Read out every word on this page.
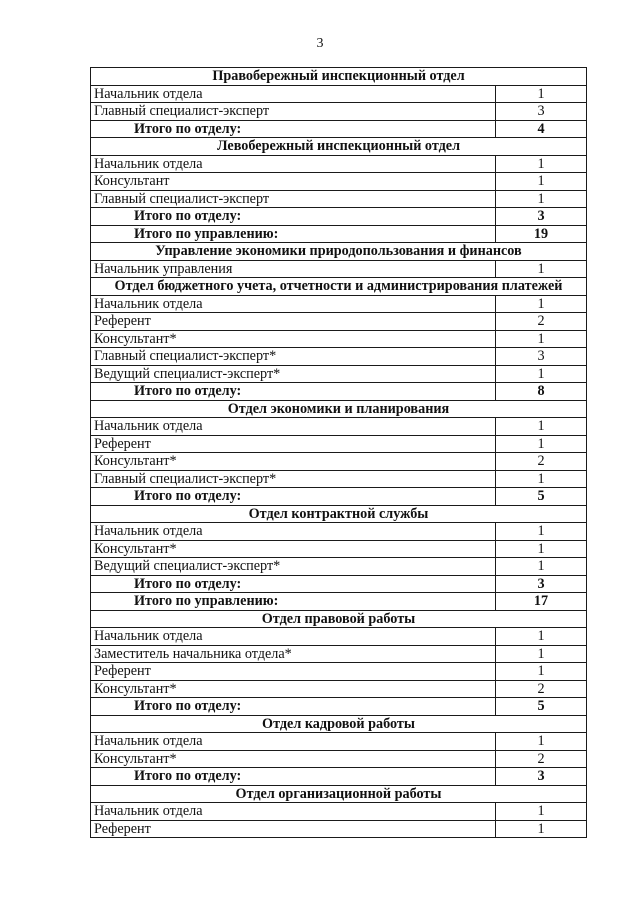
3
Правобережный инспекционный отдел	
Начальник отдела	1
Главный специалист-эксперт	3
Итого по отделу:	4
Левобережный инспекционный отдел	
Начальник отдела	1
Консультант	1
Главный специалист-эксперт	1
Итого по отделу:	3
Итого по управлению:	19
Управление экономики природопользования и финансов	
Начальник управления	1
Отдел бюджетного учета, отчетности и администрирования платежей	
Начальник отдела	1
Референт	2
Консультант*	1
Главный специалист-эксперт*	3
Ведущий специалист-эксперт*	1
Итого по отделу:	8
Отдел экономики и планирования	
Начальник отдела	1
Референт	1
Консультант*	2
Главный специалист-эксперт*	1
Итого по отделу:	5
Отдел контрактной службы	
Начальник отдела	1
Консультант*	1
Ведущий специалист-эксперт*	1
Итого по отделу:	3
Итого по управлению:	17
Отдел правовой работы	
Начальник отдела	1
Заместитель начальника отдела*	1
Референт	1
Консультант*	2
Итого по отделу:	5
Отдел кадровой работы	
Начальник отдела	1
Консультант*	2
Итого по отделу:	3
Отдел организационной работы	
Начальник отдела	1
Референт	1
